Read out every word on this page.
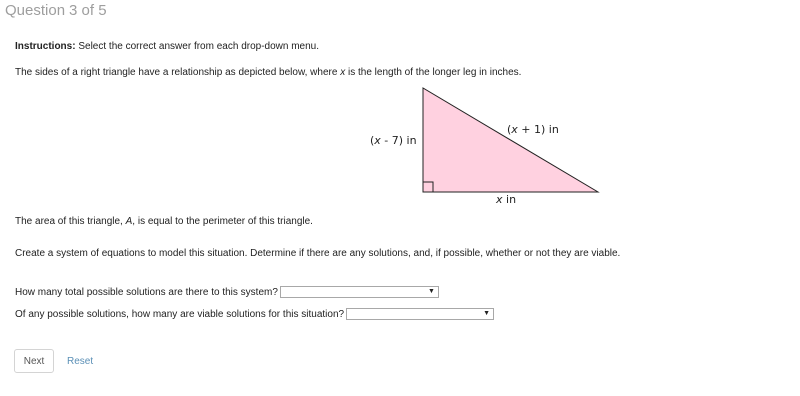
Question 3 of 5
Instructions: Select the correct answer from each drop-down menu.
The sides of a right triangle have a relationship as depicted below, where x is the length of the longer leg in inches.
(x - 7) in
(x + 1) in
x in
The area of this triangle, A, is equal to the perimeter of this triangle.
Create a system of equations to model this situation. Determine if there are any solutions, and, if possible, whether or not they are viable.
How many total possible solutions are there to this system?	▼
Of any possible solutions, how many are viable solutions for this situation?	▼
Next	Reset
